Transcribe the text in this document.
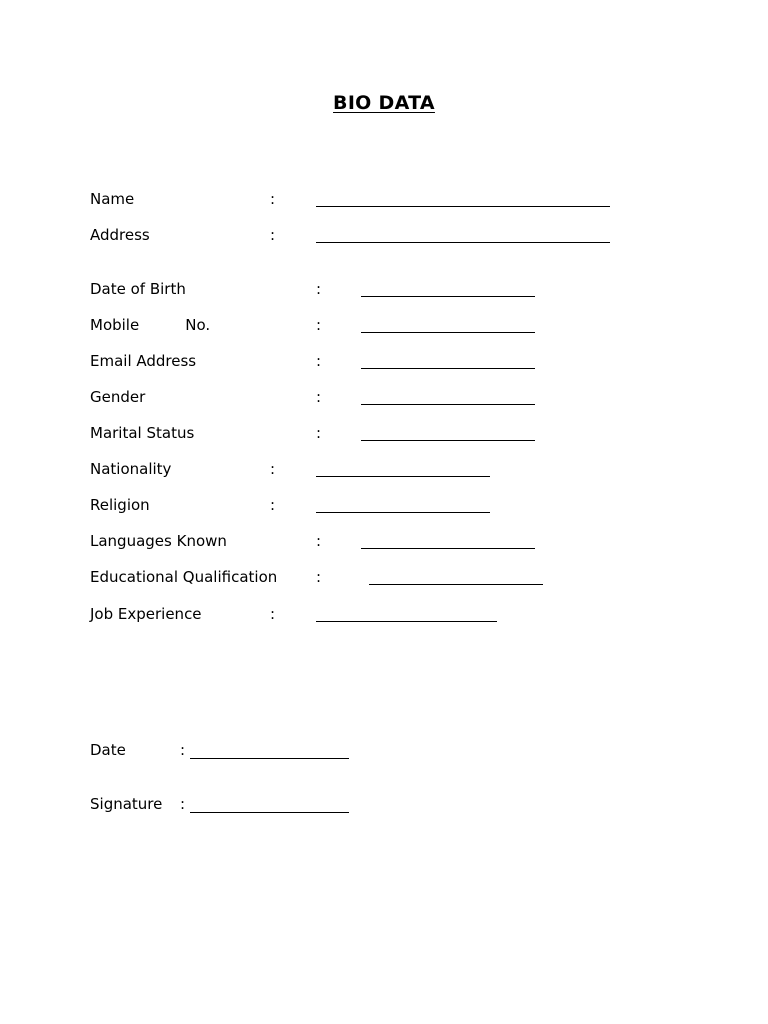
BIO DATA
Name	:
Address	:
Date of Birth	:
Mobile	No.	:
Email Address	:
Gender	:
Marital Status	:
Nationality	:
Religion	:
Languages Known	:
Educational Qualification	:
Job Experience	:
Date	:
Signature :
